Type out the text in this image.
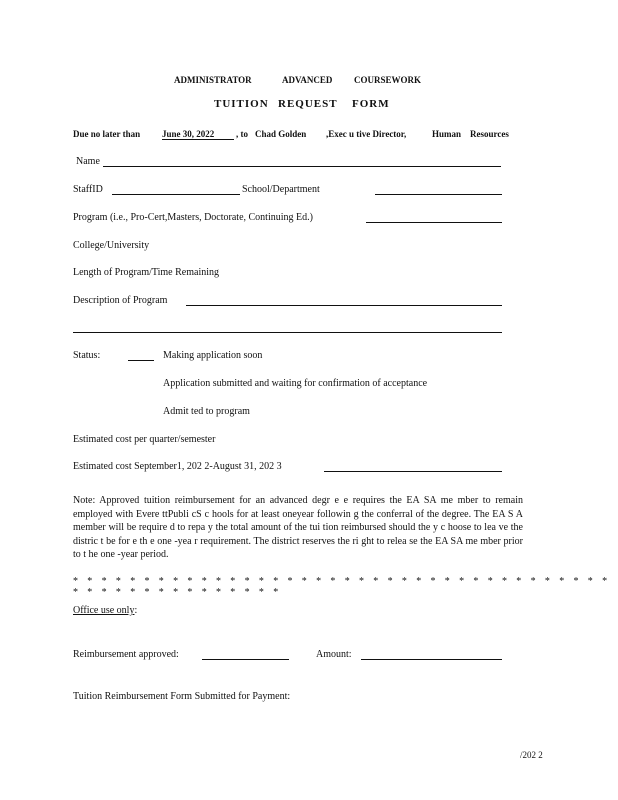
ADMINISTRATOR	ADVANCED COURSEWORK
TUITION REQUEST FORM
Due no later than June 30, 2022	, to Chad Golden ,Exec u tive Director,	Human Resources
Name
StaffID	School/Department
Program (i.e., Pro-Cert,Masters, Doctorate, Continuing Ed.)
College/University
Length of Program/Time Remaining
Description of Program
Status:	Making application soon
Application submitted and waiting for confirmation of acceptance
Admit ted to program
Estimated cost per quarter/semester
Estimated cost September1, 202 2-August 31, 202 3
Note: Approved tuition reimbursement for an advanced degr e e requires the EA SA me mber to remain employed with Evere ttPubli cS c hools for at least oneyear followin g the conferral of the degree. The EA S A member will be require d to repa y the total amount of the tui tion reimbursed should the y c hoose to lea ve the distric t be for e th e one -yea r requirement. The district reserves the ri ght to relea se the EA SA me mber prior to t he one -year period.
* * * * * * * * * * * * * * * * * * * * * * * * * * * * * * * * * * * * * * * * * * * * * * * * * * * * *
Office use only:
Reimbursement approved:	Amount:
Tuition Reimbursement Form Submitted for Payment:
/202 2
